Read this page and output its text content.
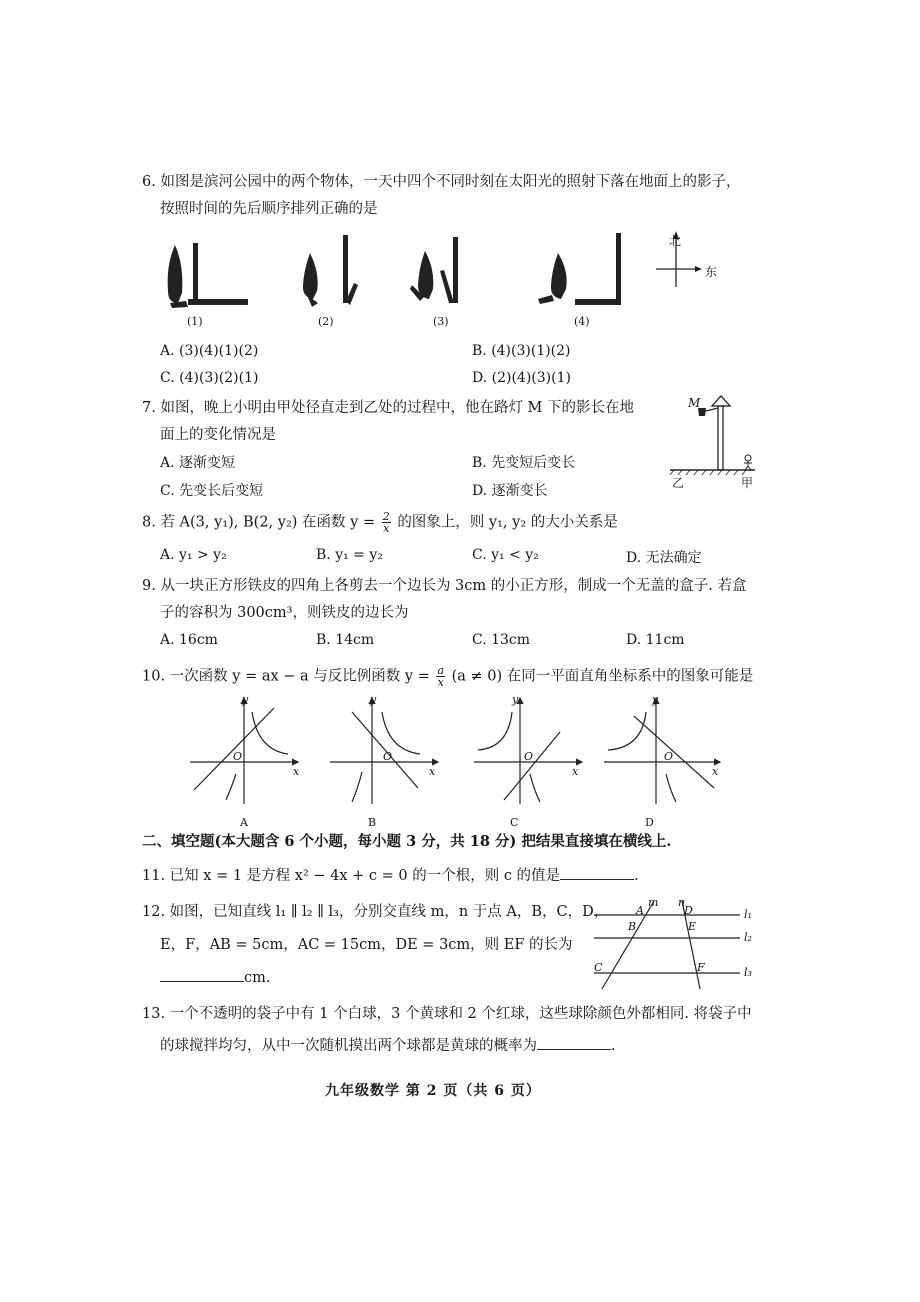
6. 如图是滨河公园中的两个物体，一天中四个不同时刻在太阳光的照射下落在地面上的影子，
按照时间的先后顺序排列正确的是
北
东
(1)	(2)	(3)	(4)
A. (3)(4)(1)(2)	B. (4)(3)(1)(2)
C. (4)(3)(2)(1)	D. (2)(4)(3)(1)
7. 如图，晚上小明由甲处径直走到乙处的过程中，他在路灯 M 下的影长在地
面上的变化情况是
A. 逐渐变短	B. 先变短后变长
C. 先变长后变短	D. 逐渐变长
M
乙	甲
8. 若 A(3, y₁), B(2, y₂) 在函数 $y = \frac{2}{x}$ 的图象上，则 y₁, y₂ 的大小关系是
A. y₁ > y₂	B. y₁ = y₂	C. y₁ < y₂	D. 无法确定
9. 从一块正方形铁皮的四角上各剪去一个边长为 3cm 的小正方形，制成一个无盖的盒子. 若盒
子的容积为 300cm³，则铁皮的边长为
A. 16cm	B. 14cm	C. 13cm	D. 11cm
10. 一次函数 y = ax − a 与反比例函数 $y = \frac{a}{x} (a \ne 0)$ 在同一平面直角坐标系中的图象可能是
y
x
O
A
y
x
O
B
y
x
O
C
y
x
O
D
二、填空题(本大题含 6 个小题，每小题 3 分，共 18 分) 把结果直接填在横线上.
11. 已知 x = 1 是方程 x² − 4x + c = 0 的一个根，则 c 的值是	.
12. 如图，已知直线 l₁ ∥ l₂ ∥ l₃，分别交直线 m，n 于点 A，B，C，D，
E，F，AB = 5cm，AC = 15cm，DE = 3cm，则 EF 的长为
cm.
m n
A	D
B	E
C	F
l₁
l₂
l₃
13. 一个不透明的袋子中有 1 个白球，3 个黄球和 2 个红球，这些球除颜色外都相同. 将袋子中
的球搅拌均匀，从中一次随机摸出两个球都是黄球的概率为	.
九年级数学 第 2 页（共 6 页）
